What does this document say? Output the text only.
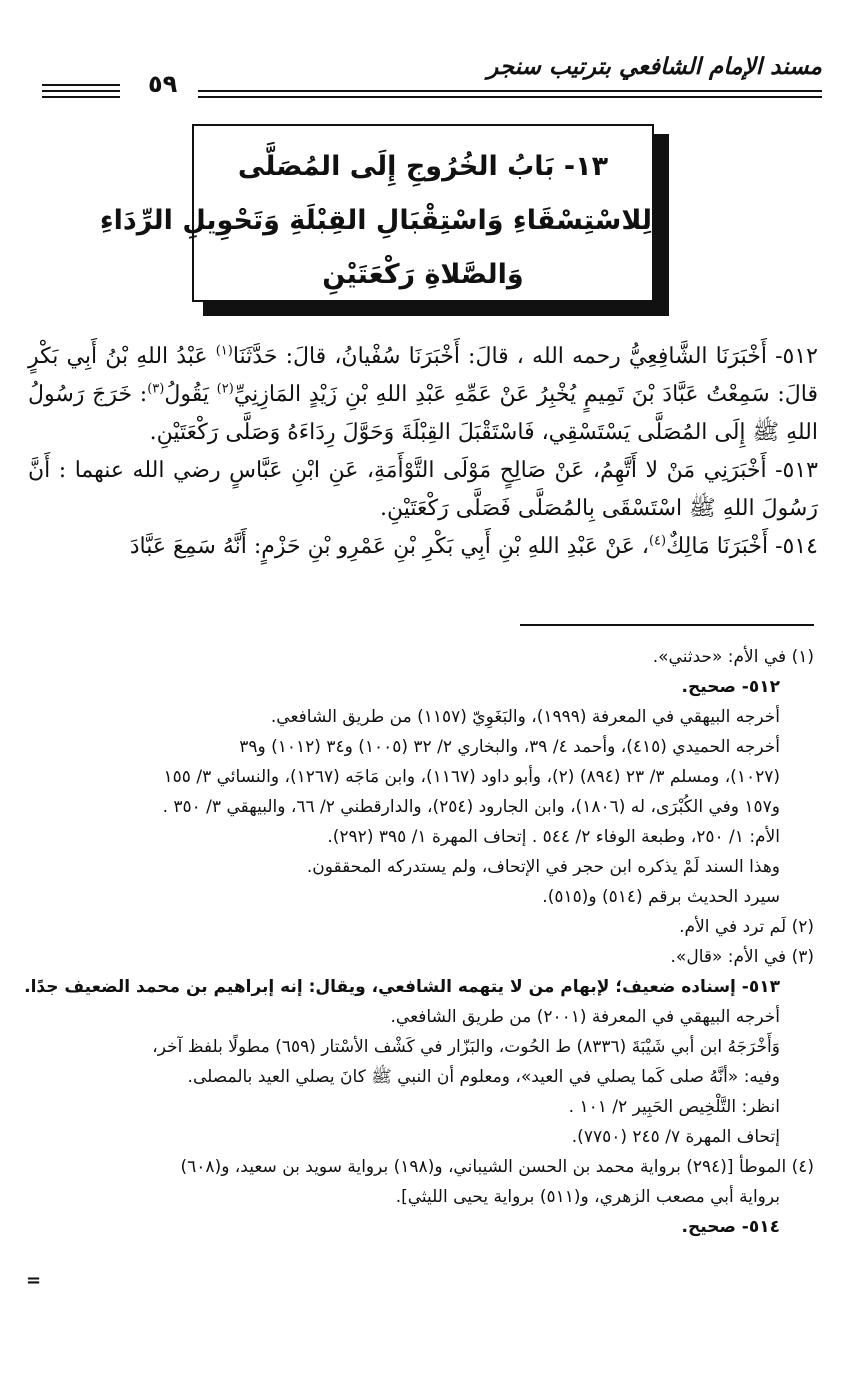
مسند الإمام الشافعي بترتيب سنجر
٥٩
١٣- بَابُ الخُرُوجِ إِلَى المُصَلَّى
لِلاسْتِسْقَاءِ وَاسْتِقْبَالِ القِبْلَةِ وَتَحْوِيلِ الرِّدَاءِ
وَالصَّلاةِ رَكْعَتَيْنِ

٥١٢- أَخْبَرَنَا الشَّافِعِيُّ رحمه الله ، قالَ: أَخْبَرَنَا سُفْيانُ، قالَ: حَدَّثَنَا$^{(١)}$ عَبْدُ اللهِ بْنُ أَبِي بَكْرٍ قالَ: سَمِعْتُ عَبَّادَ بْنَ تَمِيمٍ يُخْبِرُ عَنْ عَمِّهِ عَبْدِ اللهِ بْنِ زَيْدٍ المَازِنِيِّ$^{(٢)}$ يَقُولُ$^{(٣)}$: خَرَجَ رَسُولُ اللهِ ﷺ إِلَى المُصَلَّى يَسْتَسْقِي، فَاسْتَقْبَلَ القِبْلَةَ وَحَوَّلَ رِدَاءَهُ وَصَلَّى رَكْعَتَيْنِ.

٥١٣- أَخْبَرَنِي مَنْ لا أَتَّهِمُ، عَنْ صَالِحٍ مَوْلَى التَّوْأَمَةِ، عَنِ ابْنِ عَبَّاسٍ رضي الله عنهما : أَنَّ رَسُولَ اللهِ ﷺ اسْتَسْقَى بِالمُصَلَّى فَصَلَّى رَكْعَتَيْنِ.

٥١٤- أَخْبَرَنَا مَالِكٌ$^{(٤)}$، عَنْ عَبْدِ اللهِ بْنِ أَبِي بَكْرِ بْنِ عَمْرِو بْنِ حَزْمٍ: أَنَّهُ سَمِعَ عَبَّادَ

(١) في الأم: «حدثني».
٥١٢- صحيح.
أخرجه البيهقي في المعرفة (١٩٩٩)، والبَغَوِيّ (١١٥٧) من طريق الشافعي.
أخرجه الحميدي (٤١٥)، وأحمد ٤/ ٣٩، والبخاري ٢/ ٣٢ (١٠٠٥) و٣٤ (١٠١٢) و٣٩
(١٠٢٧)، ومسلم ٣/ ٢٣ (٨٩٤) (٢)، وأبو داود (١١٦٧)، وابن مَاجَه (١٢٦٧)، والنسائي ٣/ ١٥٥
و١٥٧ وفي الكُبْرَى، له (١٨٠٦)، وابن الجارود (٢٥٤)، والدارقطني ٢/ ٦٦، والبيهقي ٣/ ٣٥٠ .
الأم: ١/ ٢٥٠، وطبعة الوفاء ٢/ ٥٤٤ . إتحاف المهرة ١/ ٣٩٥ (٢٩٢).
وهذا السند لَمْ يذكره ابن حجر في الإتحاف، ولم يستدركه المحققون.
سيرد الحديث برقم (٥١٤) و(٥١٥).
(٢) لَم ترد في الأم.
(٣) في الأم: «قال».
٥١٣- إسناده ضعيف؛ لإبهام من لا يتهمه الشافعي، ويقال: إنه إبراهيم بن محمد الضعيف جدًا.
أخرجه البيهقي في المعرفة (٢٠٠١) من طريق الشافعي.
وَأَخْرَجَهُ ابن أبي شَيْبَةَ (٨٣٣٦) ط الحُوت، والبَزّار في كَشْف الأسْتار (٦٥٩) مطولًا بلفظ آخر،
وفيه: «أنَّهُ صلى كَما يصلي في العيد»، ومعلوم أن النبي ﷺ كانَ يصلي العيد بالمصلى.
انظر: التَّلْخِيص الحَبِير ٢/ ١٠١ .
إتحاف المهرة ٧/ ٢٤٥ (٧٧٥٠).
(٤) الموطأ [(٢٩٤) برواية محمد بن الحسن الشيباني، و(١٩٨) برواية سويد بن سعيد، و(٦٠٨)
برواية أبي مصعب الزهري، و(٥١١) برواية يحيى الليثي].
٥١٤- صحيح.
=
